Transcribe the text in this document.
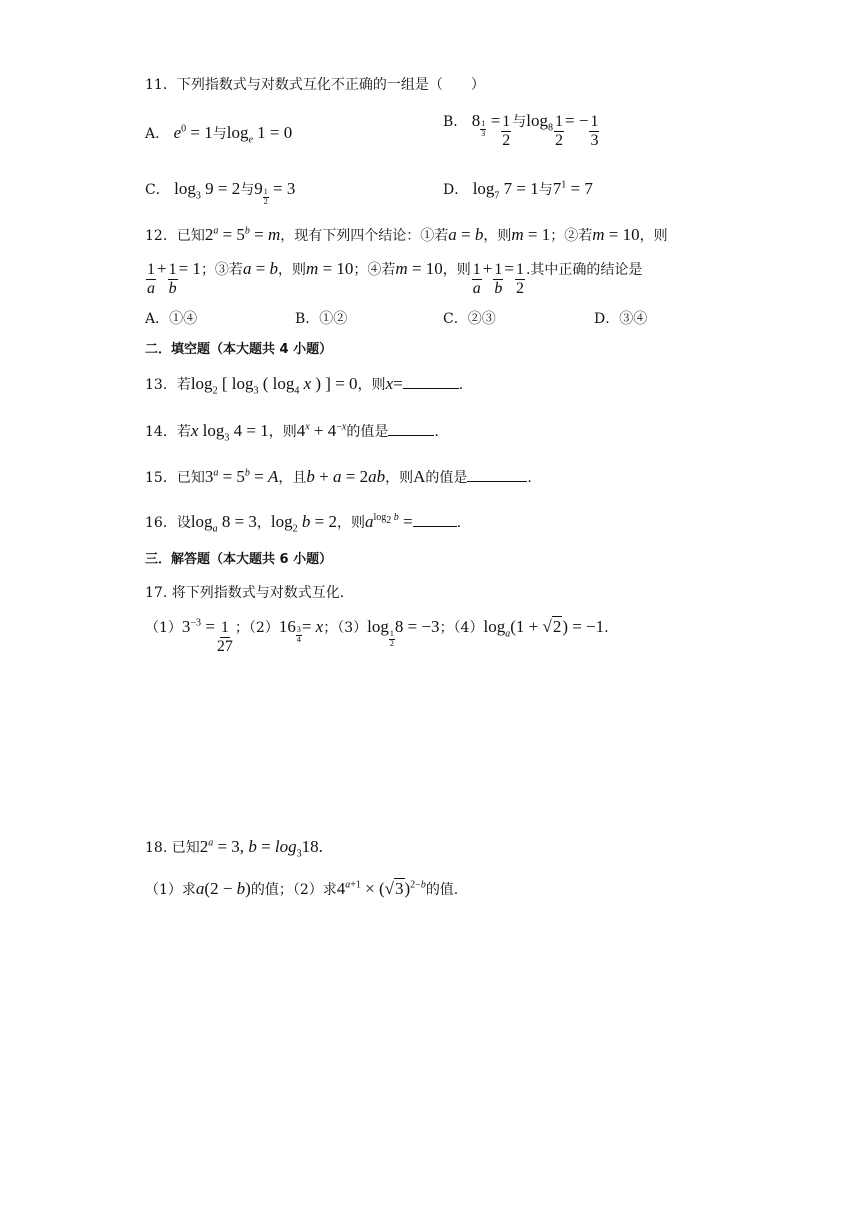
11．下列指数式与对数式互化不正确的一组是（　　）
A． $e^0 = 1$与$\log_e 1 = 0$
B． $8 \frac{1}{3} = \frac{1}{2}$ 与$\log_8 \frac{1}{2}$ = − $\frac{1}{3}$
C． $\log_3 9 = 2$与$9 \frac{1}{2} = 3$	D． $\log_7 7 = 1$与$7^1 = 7$
12．已知$2^a = 5^b = m$，现有下列四个结论：①若a = b，则m = 1；②若m = 10，则
$\frac{1}{a} + \frac{1}{b} = 1$；③若a = b，则m = 10；④若m = 10，则 $\frac{1}{a} + \frac{1}{b} = \frac{1}{2}$ .其中正确的结论是
A．①④	B．①②	C．②③	D．③④
二．填空题（本大题共 4 小题）
13．若$\log_2$ [ $\log_3$ ( $\log_4 x$ ) ] = 0，则x=	.
14．若x $\log_3 4 = 1$，则$4^x + 4^{-x}$的值是	.
15．已知$3^a = 5^b = A$，且b + a = 2ab，则A的值是	.
16．设$\log_a 8 = 3$，$\log_2 b = 2$，则$a^{log_2 b}$ =	.
三．解答题（本大题共 6 小题）
17. 将下列指数式与对数式互化.
$(1)3^{-3} = \frac{1}{27}$ ；$(2)16 \frac{3}{4} = x$；（3）log
$\frac{1}{2}$
8 = −3；$(4)\log_a(1 + √2) = -1$.
18. 已知$2^a = 3$, $b = \log_318$.
（1）求a(2 − b)的值；（2）求$4^{a+1} \times (√3)^{2-b}$的值.
